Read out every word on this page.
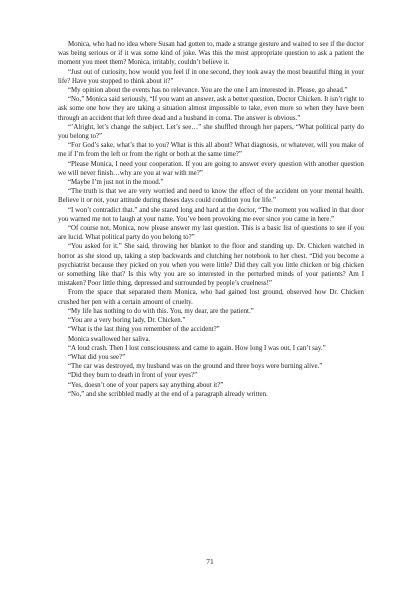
Monica, who had no idea where Susan had gotten to, made a strange gesture and waited to see if the doctor was being serious or if it was some kind of joke. Was this the most appropriate question to ask a patient the moment you meet them? Monica, irritably, couldn’t believe it.

“Just out of curiosity, how would you feel if in one second, they took away the most beautiful thing in your life? Have you stopped to think about it?”

“My opinion about the events has no relevance. You are the one I am interested in. Please, go ahead.”

“No,” Monica said seriously, “If you want an answer, ask a better question, Doctor Chicken. It isn’t right to ask some one how they are taking a situation almost impossible to take, even more so when they have been through an accident that left three dead and a husband in coma. The answer is obvious.”

“’Alright, let’s change the subject. Let’s see…” she shuffled through her papers, “What political party do you belong to?”

“For God’s sake, what’s that to you? What is this all about? What diagnosis, or whatever, will you make of me if I’m from the left or from the right or both at the same time?”

“Please Monica, I need your cooperation. If you are going to answer every question with another question we will never finish…why are you at war with me?”

“Maybe I’m just not in the mood.”

“The truth is that we are very worried and need to know the effect of the accident on your mental health. Believe it or not, your attitude during theses days could condition you for life.”

“I won’t contradict that.” and she stared long and hard at the doctor, “The moment you walked in that door you warned me not to laugh at your name. You’ve been provoking me ever since you came in here.”

“Of course not, Monica, now please answer my last question. This is a basic list of questions to see if you are lucid. What political party do you belong to?”

“You asked for it.” She said, throwing her blanket to the floor and standing up. Dr. Chicken watched in horror as she stood up, taking a step backwards and clutching her notebook to her chest. “Did you become a psychiatrist because they picked on you when you were little? Did they call you little chicken or big chicken or something like that? Is this why you are so interested in the perturbed minds of your patients? Am I mistaken? Poor little thing, depressed and surrounded by people’s cruelness!”

From the space that separated them Monica, who had gained lost ground, observed how Dr. Chicken crushed her pen with a certain amount of cruelty.

“My life has nothing to do with this. You, my dear, are the patient.”

“You are a very boring lady, Dr. Chicken.”

“What is the last thing you remember of the accident?”

Monica swallowed her saliva.

“A loud crash. Then I lost consciousness and came to again. How long I was out, I can’t say.”

“What did you see?”

“The car was destroyed, my husband was on the ground and three boys were burning alive.”

“Did they burn to death in front of your eyes?”

“Yes, doesn’t one of your papers say anything about it?”

“No,” and she scribbled madly at the end of a paragraph already written.

71
